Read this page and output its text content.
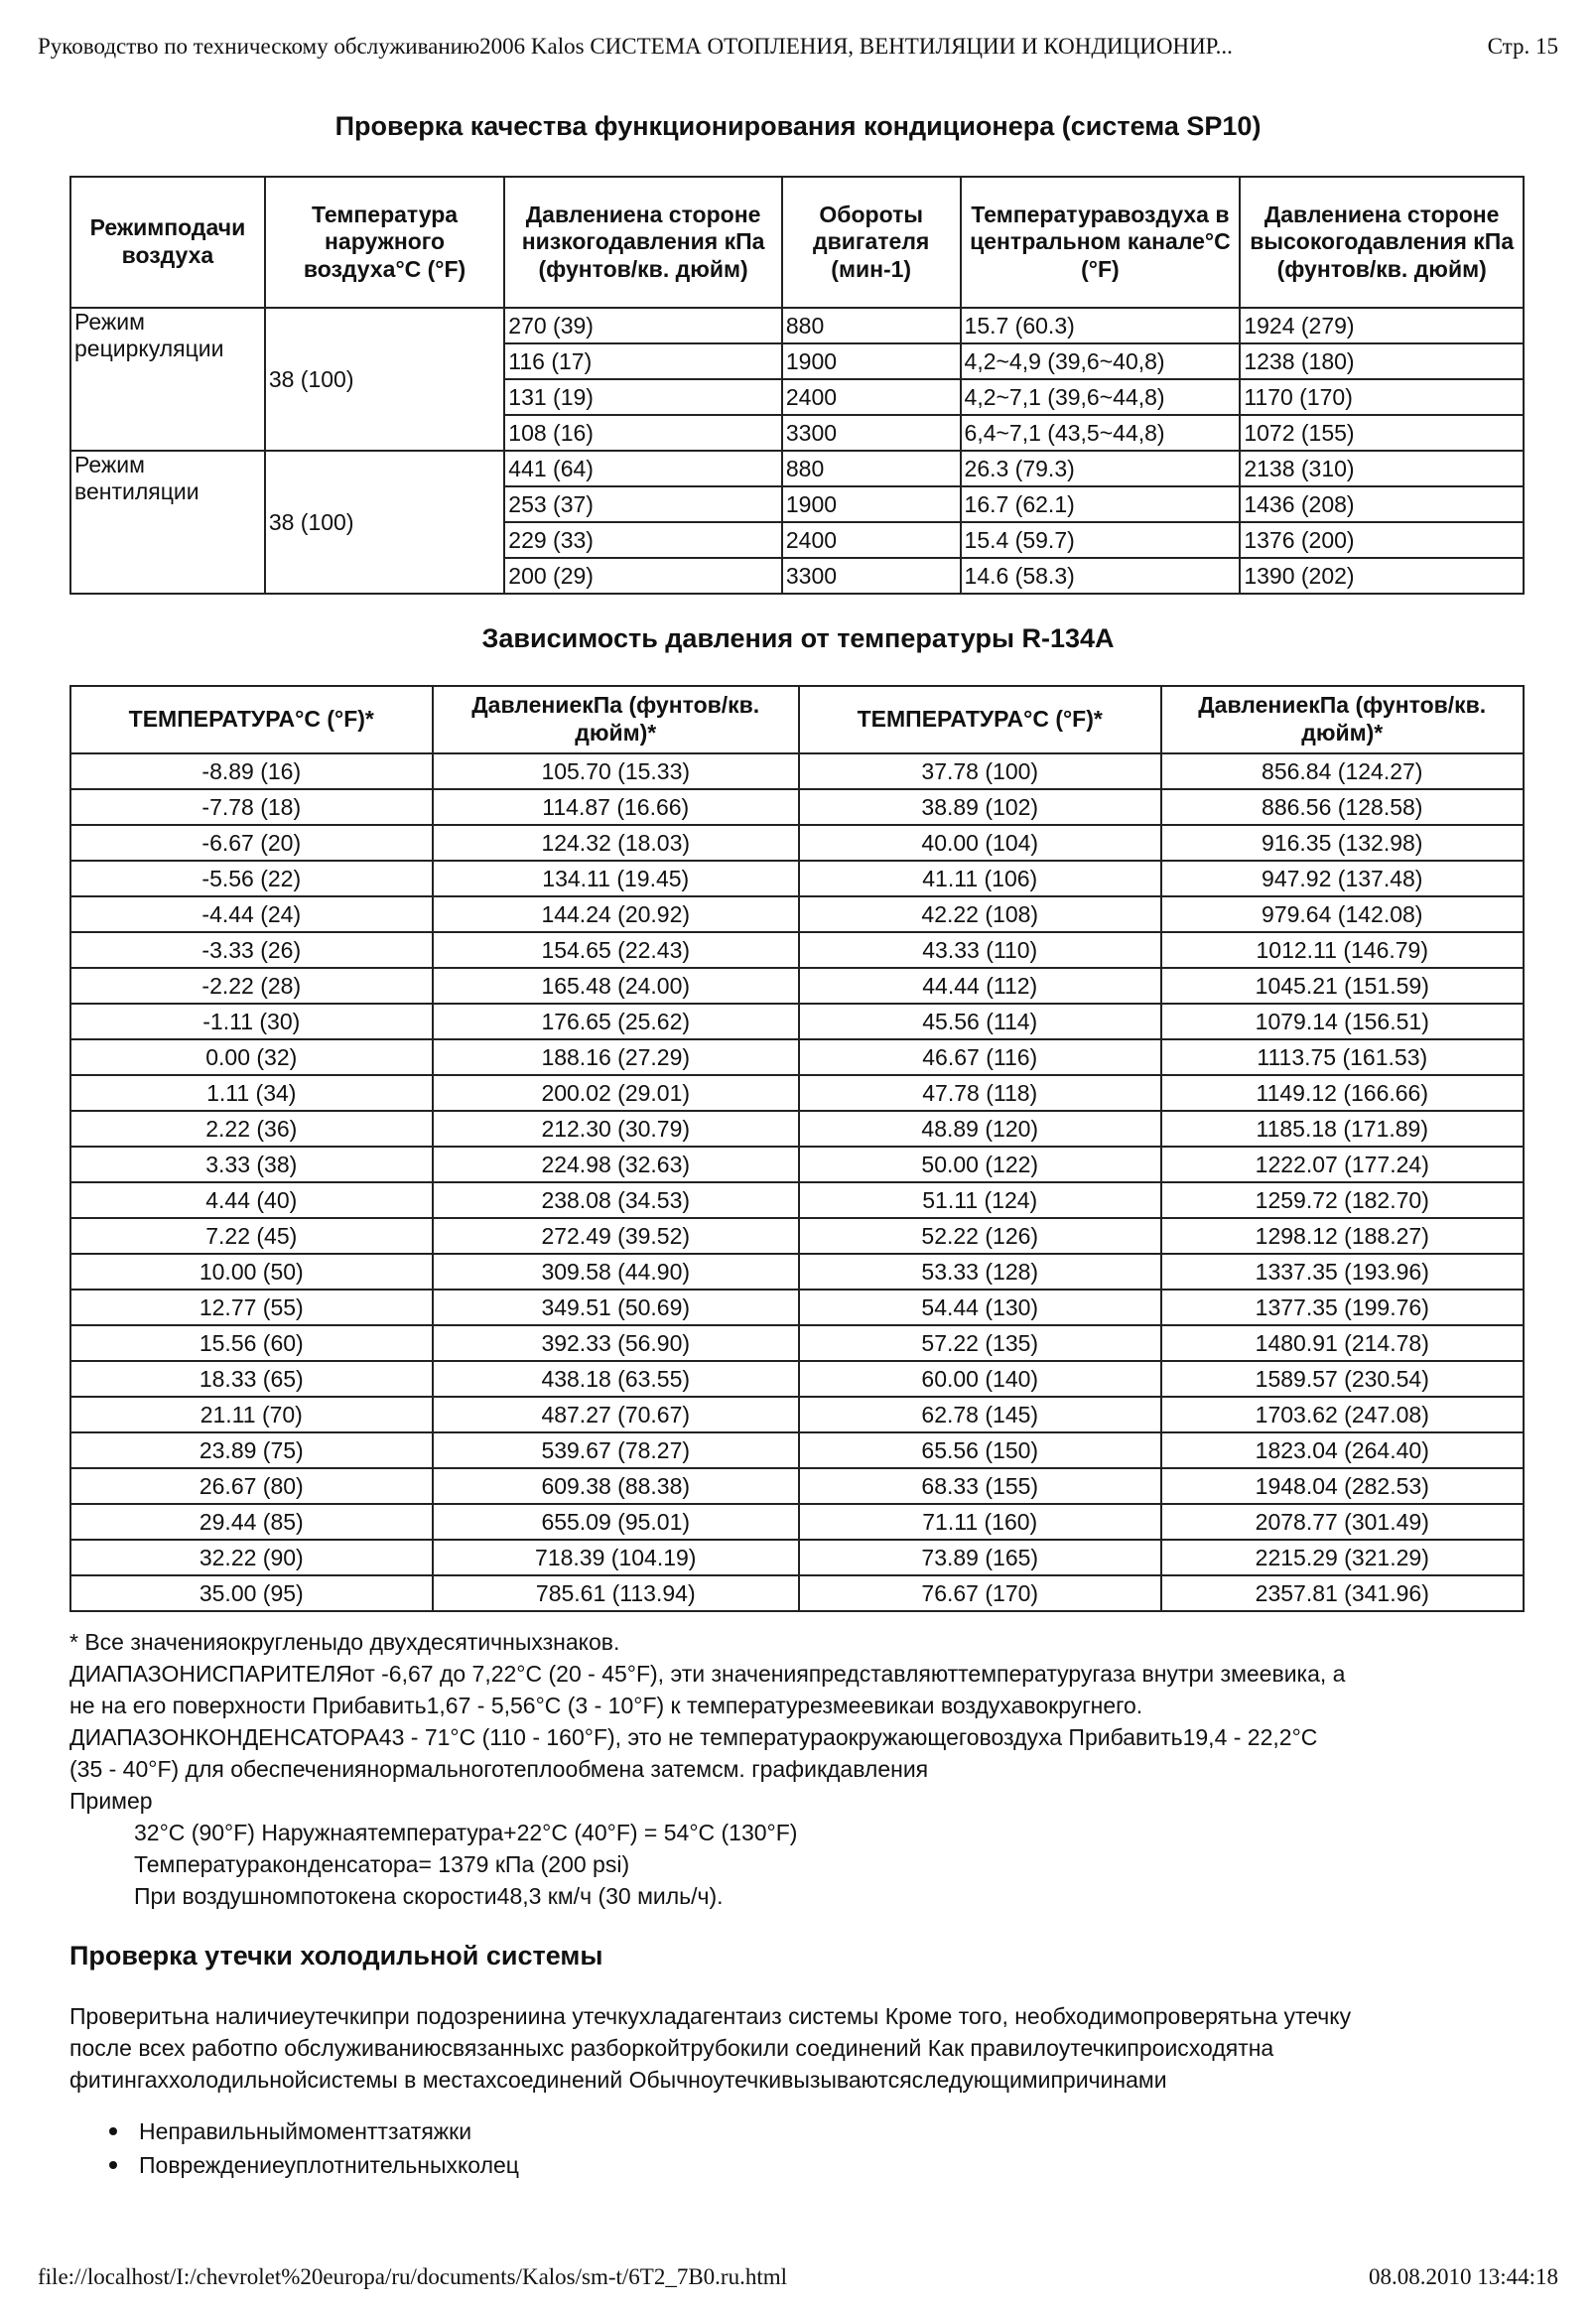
Руководство по техническому обслуживанию2006 Kalos СИСТЕМА ОТОПЛЕНИЯ, ВЕНТИЛЯЦИИ И КОНДИЦИОНИР...	Стр. 15
Проверка качества функционирования кондиционера (система SP10)
Режимподачи воздуха	Температура наружного воздуха°С (°F)	Давлениена стороне низкогодавления кПа (фунтов/кв. дюйм)	Обороты двигателя (мин-1)	Температуравоздуха в центральном канале°С (°F)	Давлениена стороне высокогодавления кПа (фунтов/кв. дюйм)
Режим рециркуляции	38 (100)	270 (39)	880	15.7 (60.3)	1924 (279)
		116 (17)	1900	4,2~4,9 (39,6~40,8)	1238 (180)
		131 (19)	2400	4,2~7,1 (39,6~44,8)	1170 (170)
		108 (16)	3300	6,4~7,1 (43,5~44,8)	1072 (155)
Режим вентиляции	38 (100)	441 (64)	880	26.3 (79.3)	2138 (310)
		253 (37)	1900	16.7 (62.1)	1436 (208)
		229 (33)	2400	15.4 (59.7)	1376 (200)
		200 (29)	3300	14.6 (58.3)	1390 (202)
Зависимость давления от температуры R-134A
ТЕМПЕРАТУРА°С (°F)*	ДавлениекПа (фунтов/кв. дюйм)*	ТЕМПЕРАТУРА°С (°F)*	ДавлениекПа (фунтов/кв. дюйм)*
-8.89 (16)	105.70 (15.33)	37.78 (100)	856.84 (124.27)
-7.78 (18)	114.87 (16.66)	38.89 (102)	886.56 (128.58)
-6.67 (20)	124.32 (18.03)	40.00 (104)	916.35 (132.98)
-5.56 (22)	134.11 (19.45)	41.11 (106)	947.92 (137.48)
-4.44 (24)	144.24 (20.92)	42.22 (108)	979.64 (142.08)
-3.33 (26)	154.65 (22.43)	43.33 (110)	1012.11 (146.79)
-2.22 (28)	165.48 (24.00)	44.44 (112)	1045.21 (151.59)
-1.11 (30)	176.65 (25.62)	45.56 (114)	1079.14 (156.51)
0.00 (32)	188.16 (27.29)	46.67 (116)	1113.75 (161.53)
1.11 (34)	200.02 (29.01)	47.78 (118)	1149.12 (166.66)
2.22 (36)	212.30 (30.79)	48.89 (120)	1185.18 (171.89)
3.33 (38)	224.98 (32.63)	50.00 (122)	1222.07 (177.24)
4.44 (40)	238.08 (34.53)	51.11 (124)	1259.72 (182.70)
7.22 (45)	272.49 (39.52)	52.22 (126)	1298.12 (188.27)
10.00 (50)	309.58 (44.90)	53.33 (128)	1337.35 (193.96)
12.77 (55)	349.51 (50.69)	54.44 (130)	1377.35 (199.76)
15.56 (60)	392.33 (56.90)	57.22 (135)	1480.91 (214.78)
18.33 (65)	438.18 (63.55)	60.00 (140)	1589.57 (230.54)
21.11 (70)	487.27 (70.67)	62.78 (145)	1703.62 (247.08)
23.89 (75)	539.67 (78.27)	65.56 (150)	1823.04 (264.40)
26.67 (80)	609.38 (88.38)	68.33 (155)	1948.04 (282.53)
29.44 (85)	655.09 (95.01)	71.11 (160)	2078.77 (301.49)
32.22 (90)	718.39 (104.19)	73.89 (165)	2215.29 (321.29)
35.00 (95)	785.61 (113.94)	76.67 (170)	2357.81 (341.96)

* Все значенияокругленыдо двухдесятичныхзнаков.

ДИАПАЗОНИСПАРИТЕЛЯот -6,67 до 7,22°С (20 - 45°F), эти значенияпредставляюттемпературугаза внутри змеевика, а

не на его поверхности Прибавить1,67 - 5,56°С (3 - 10°F) к температурезмеевикаи воздухавокругнего.

ДИАПАЗОНКОНДЕНСАТОРА43 - 71°С (110 - 160°F), это не температураокружающеговоздуха Прибавить19,4 - 22,2°С

(35 - 40°F) для обеспечениянормальноготеплообмена затемсм. графикдавления

Пример

32°С (90°F) Наружнаятемпература+22°С (40°F) = 54°С (130°F)

Температураконденсатора= 1379 кПа (200 psi)

При воздушномпотокена скорости48,3 км/ч (30 миль/ч).

Проверка утечки холодильной системы
Проверитьна наличиеутечкипри подозрениина утечкухладагентаиз системы Кроме того, необходимопроверятьна утечку
после всех работпо обслуживаниюсвязанныхс разборкойтрубокили соединений Как правилоутечкипроисходятна
фитингаххолодильнойсистемы в местахсоединений Обычноутечкивызываютсяследующимипричинами
Неправильныймоменттзатяжки
Повреждениеуплотнительныхколец
file://localhost/I:/chevrolet%20europa/ru/documents/Kalos/sm-t/6T2_7B0.ru.html	08.08.2010 13:44:18
